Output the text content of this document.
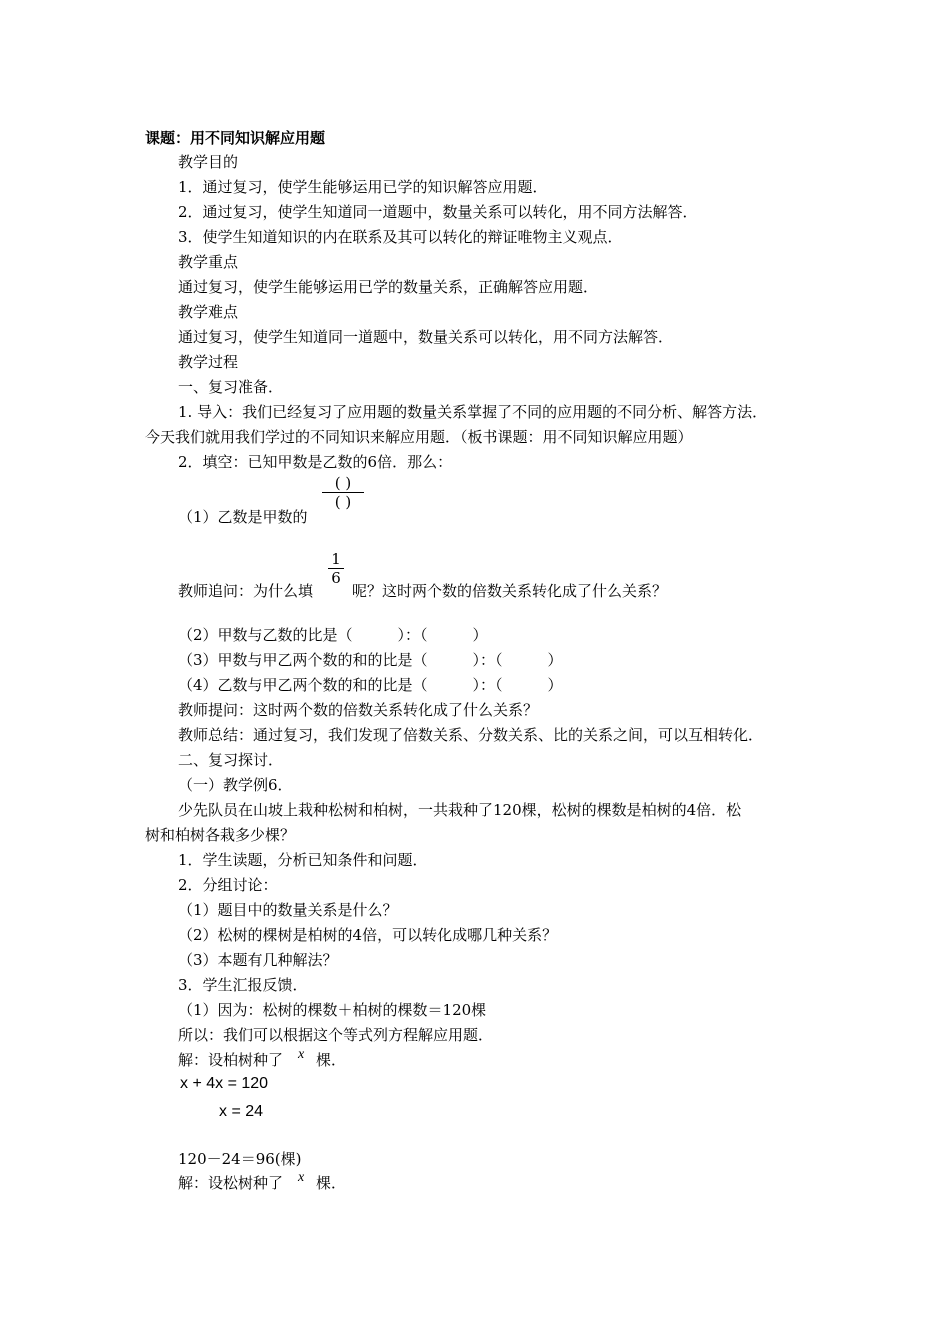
课题：用不同知识解应用题
教学目的
1．通过复习，使学生能够运用已学的知识解答应用题．
2．通过复习，使学生知道同一道题中，数量关系可以转化，用不同方法解答．
3．使学生知道知识的内在联系及其可以转化的辩证唯物主义观点．
教学重点
通过复习，使学生能够运用已学的数量关系，正确解答应用题．
教学难点
通过复习，使学生知道同一道题中，数量关系可以转化，用不同方法解答．
教学过程
一、复习准备．
1. 导入：我们已经复习了应用题的数量关系掌握了不同的应用题的不同分析、解答方法．
今天我们就用我们学过的不同知识来解应用题．（板书课题：用不同知识解应用题）
2．填空：已知甲数是乙数的6倍．那么：
（1）乙数是甲数的
( )
( )
教师追问：为什么填
1
6
呢？这时两个数的倍数关系转化成了什么关系？
（2）甲数与乙数的比是（　　　）：（　　　）
（3）甲数与甲乙两个数的和的比是（　　　）：（　　　）
（4）乙数与甲乙两个数的和的比是（　　　）：（　　　）
教师提问：这时两个数的倍数关系转化成了什么关系？
教师总结：通过复习，我们发现了倍数关系、分数关系、比的关系之间，可以互相转化．
二、复习探讨．
（一）教学例6．
少先队员在山坡上栽种松树和柏树，一共栽种了120棵，松树的棵数是柏树的4倍．松
树和柏树各栽多少棵？
1．学生读题，分析已知条件和问题．
2．分组讨论：
（1）题目中的数量关系是什么？
（2）松树的棵树是柏树的4倍，可以转化成哪几种关系？
（3）本题有几种解法？
3．学生汇报反馈．
（1）因为：松树的棵数＋柏树的棵数＝120棵
所以：我们可以根据这个等式列方程解应用题．
解：设柏树种了 x 棵．
x + 4x = 120
x = 24
120－24＝96(棵)
解：设松树种了 x 棵．
